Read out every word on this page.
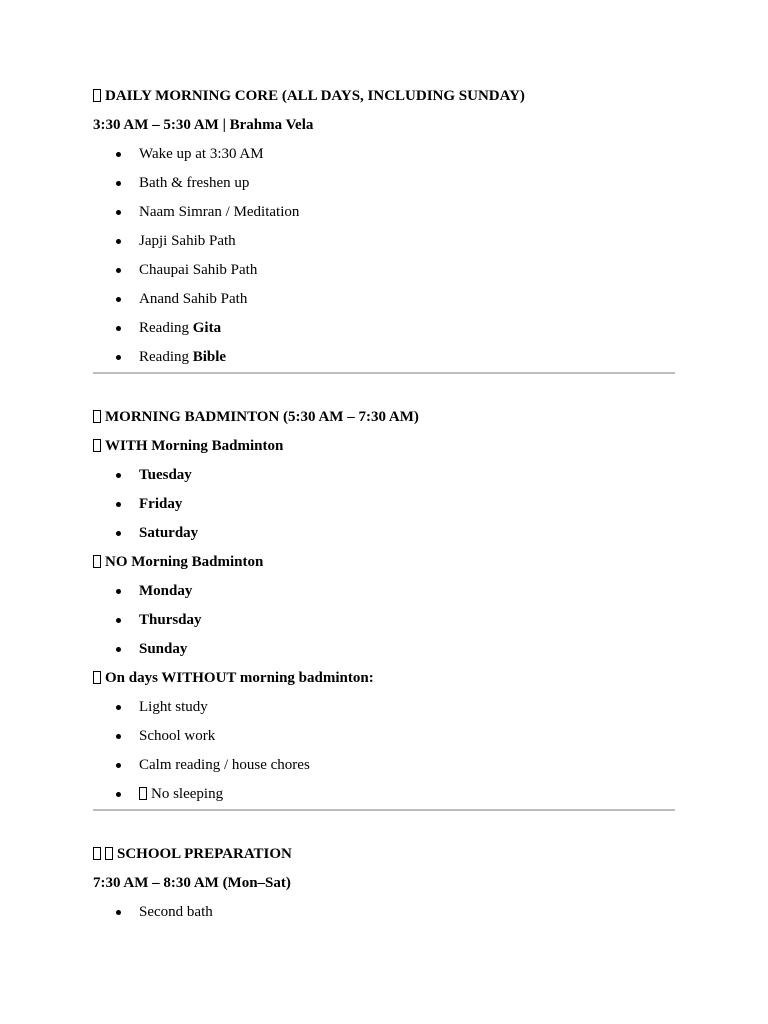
DAILY MORNING CORE (ALL DAYS, INCLUDING SUNDAY)
3:30 AM – 5:30 AM | Brahma Vela
Wake up at 3:30 AM
Bath & freshen up
Naam Simran / Meditation
Japji Sahib Path
Chaupai Sahib Path
Anand Sahib Path
Reading Gita
Reading Bible
MORNING BADMINTON (5:30 AM – 7:30 AM)
WITH Morning Badminton
Tuesday
Friday
Saturday
NO Morning Badminton
Monday
Thursday
Sunday
On days WITHOUT morning badminton:
Light study
School work
Calm reading / house chores
No sleeping
SCHOOL PREPARATION
7:30 AM – 8:30 AM (Mon–Sat)
Second bath
